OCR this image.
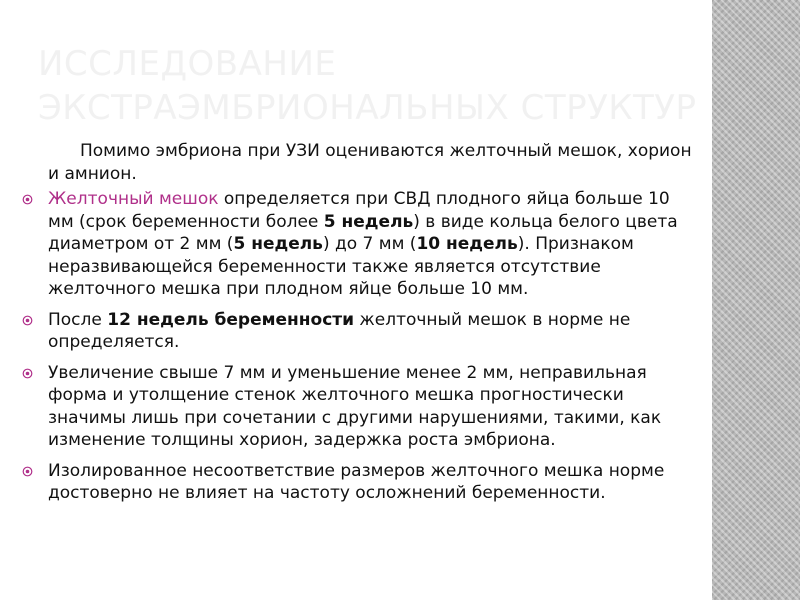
ИССЛЕДОВАНИЕ
ЭКСТРАЭМБРИОНАЛЬНЫХ СТРУКТУР

Помимо эмбриона при УЗИ оцениваются желточный мешок, хорион и амнион.

Желточный мешок определяется при СВД плодного яйца больше 10 мм (срок беременности более 5 недель) в виде кольца белого цвета диаметром от 2 мм (5 недель) до 7 мм (10 недель). Признаком неразвивающейся беременности также является отсутствие желточного мешка при плодном яйце больше 10 мм.
После 12 недель беременности желточный мешок в норме не определяется.
Увеличение свыше 7 мм и уменьшение менее 2 мм, неправильная форма и утолщение стенок желточного мешка прогностически значимы лишь при сочетании с другими нарушениями, такими, как изменение толщины хорион, задержка роста эмбриона.
Изолированное несоответствие размеров желточного мешка норме достоверно не влияет на частоту осложнений беременности.
